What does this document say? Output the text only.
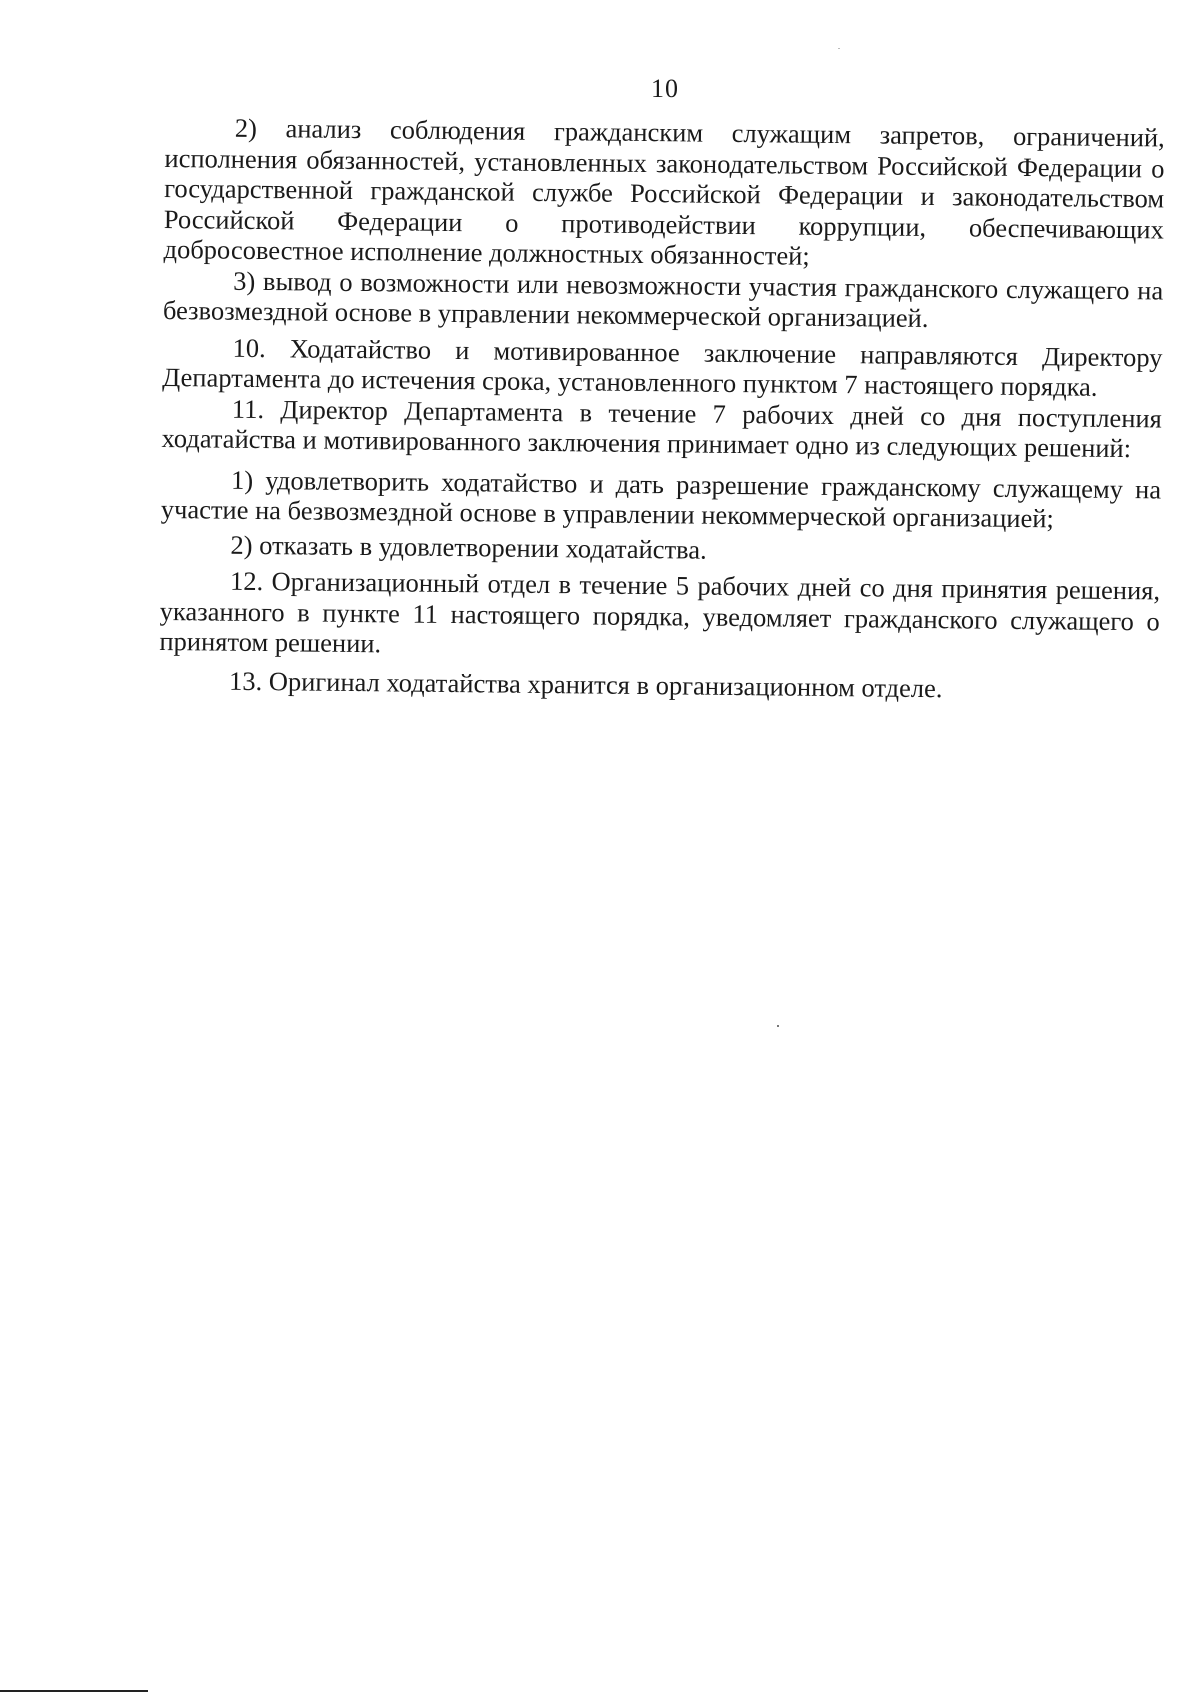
10

2) анализ соблюдения гражданским служащим запретов, ограничений, исполнения обязанностей, установленных законодательством Российской Федерации о государственной гражданской службе Российской Федерации и законодательством Российской Федерации о противодействии коррупции, обеспечивающих добросовестное исполнение должностных обязанностей;

3) вывод о возможности или невозможности участия гражданского служащего на безвозмездной основе в управлении некоммерческой организацией.

10. Ходатайство и мотивированное заключение направляются Директору Департамента до истечения срока, установленного пунктом 7 настоящего порядка.

11. Директор Департамента в течение 7 рабочих дней со дня поступления ходатайства и мотивированного заключения принимает одно из следующих решений:

1) удовлетворить ходатайство и дать разрешение гражданскому служащему на участие на безвозмездной основе в управлении некоммерческой организацией;

2) отказать в удовлетворении ходатайства.

12. Организационный отдел в течение 5 рабочих дней со дня принятия решения, указанного в пункте 11 настоящего порядка, уведомляет гражданского служащего о принятом решении.

13. Оригинал ходатайства хранится в организационном отделе.
